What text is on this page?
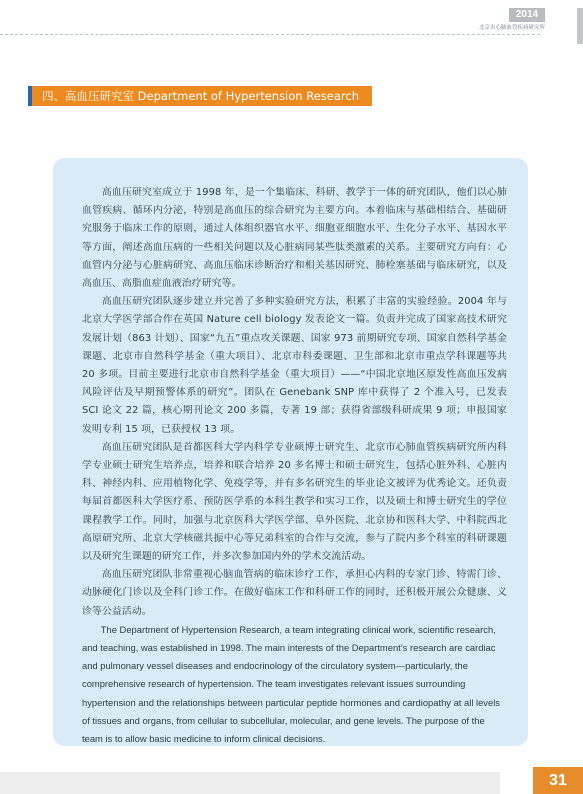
2014
北京市心肺血管疾病研究所
四、高血压研究室 Department of Hypertension Research

高血压研究室成立于 1998 年，是一个集临床、科研、教学于一体的研究团队，他们以心肺血管疾病、循环内分泌，特别是高血压的综合研究为主要方向。本着临床与基础相结合、基础研究服务于临床工作的原则，通过人体组织器官水平、细胞亚细胞水平、生化分子水平、基因水平等方面，阐述高血压病的一些相关问题以及心脏病同某些肽类激素的关系。主要研究方向有：心血管内分泌与心脏病研究、高血压临床诊断治疗和相关基因研究、肺栓塞基础与临床研究，以及高血压、高脂血症血液治疗研究等。

高血压研究团队逐步建立并完善了多种实验研究方法，积累了丰富的实验经验。2004 年与北京大学医学部合作在英国 Nature cell biology 发表论文一篇。负责并完成了国家高技术研究发展计划（863 计划）、国家“九五”重点攻关课题、国家 973 前期研究专项、国家自然科学基金课题、北京市自然科学基金（重大项目）、北京市科委课题、卫生部和北京市重点学科课题等共 20 多项。目前主要进行北京市自然科学基金（重大项目）——“中国北京地区原发性高血压发病风险评估及早期预警体系的研究”。团队在 Genebank SNP 库中获得了 2 个准入号，已发表 SCI 论文 22 篇，核心期刊论文 200 多篇，专著 19 部；获得省部级科研成果 9 项；申报国家发明专利 15 项，已获授权 13 项。

高血压研究团队是首都医科大学内科学专业硕博士研究生、北京市心肺血管疾病研究所内科学专业硕士研究生培养点，培养和联合培养 20 多名博士和硕士研究生，包括心脏外科、心脏内科、神经内科、应用植物化学、免疫学等，并有多名研究生的毕业论文被评为优秀论文。还负责每届首都医科大学医疗系、预防医学系的本科生教学和实习工作，以及硕士和博士研究生的学位课程教学工作。同时，加强与北京医科大学医学部、阜外医院、北京协和医科大学、中科院西北高原研究所、北京大学核磁共振中心等兄弟科室的合作与交流，参与了院内多个科室的科研课题以及研究生课题的研究工作，并多次参加国内外的学术交流活动。

高血压研究团队非常重视心脑血管病的临床诊疗工作，承担心内科的专家门诊、特需门诊、动脉硬化门诊以及全科门诊工作。在做好临床工作和科研工作的同时，还积极开展公众健康、义诊等公益活动。

The Department of Hypertension Research, a team integrating clinical work, scientific research, and teaching, was established in 1998. The main interests of the Department’s research are cardiac and pulmonary vessel diseases and endocrinology of the circulatory system—particularly, the comprehensive research of hypertension. The team investigates relevant issues surrounding hypertension and the relationships between particular peptide hormones and cardiopathy at all levels of tissues and organs, from cellular to subcellular, molecular, and gene levels. The purpose of the team is to allow basic medicine to inform clinical decisions.

31
